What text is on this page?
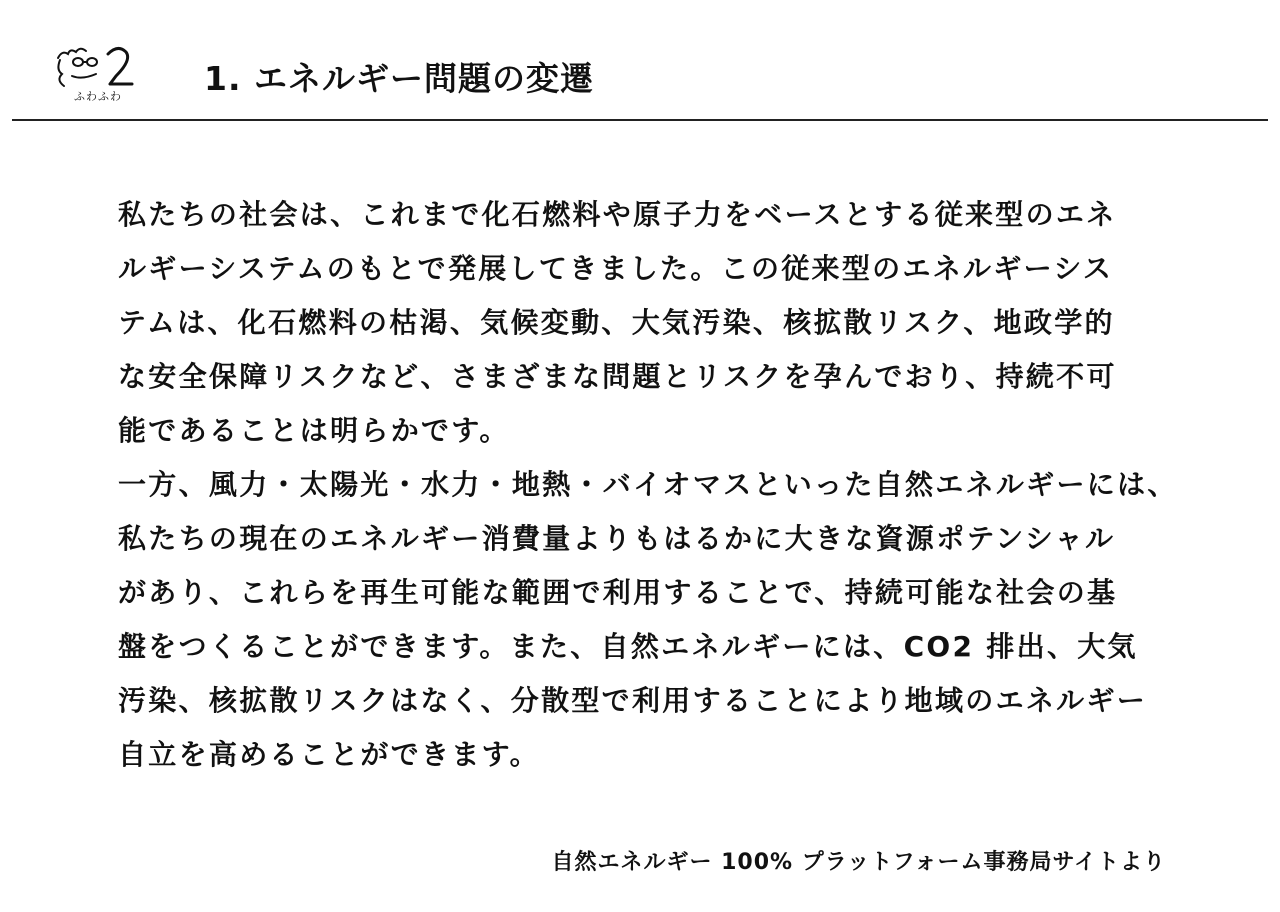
ふわふわ 1. エネルギー問題の変遷
私たちの社会は、これまで化石燃料や原子力をベースとする従来型のエネ
ルギーシステムのもとで発展してきました。この従来型のエネルギーシス
テムは、化石燃料の枯渇、気候変動、大気汚染、核拡散リスク、地政学的
な安全保障リスクなど、さまざまな問題とリスクを孕んでおり、持続不可
能であることは明らかです。
一方、風力・太陽光・水力・地熱・バイオマスといった自然エネルギーには、
私たちの現在のエネルギー消費量よりもはるかに大きな資源ポテンシャル
があり、これらを再生可能な範囲で利用することで、持続可能な社会の基
盤をつくることができます。また、自然エネルギーには、CO2 排出、大気
汚染、核拡散リスクはなく、分散型で利用することにより地域のエネルギー
自立を高めることができます。

自然エネルギー 100% プラットフォーム事務局サイトより
